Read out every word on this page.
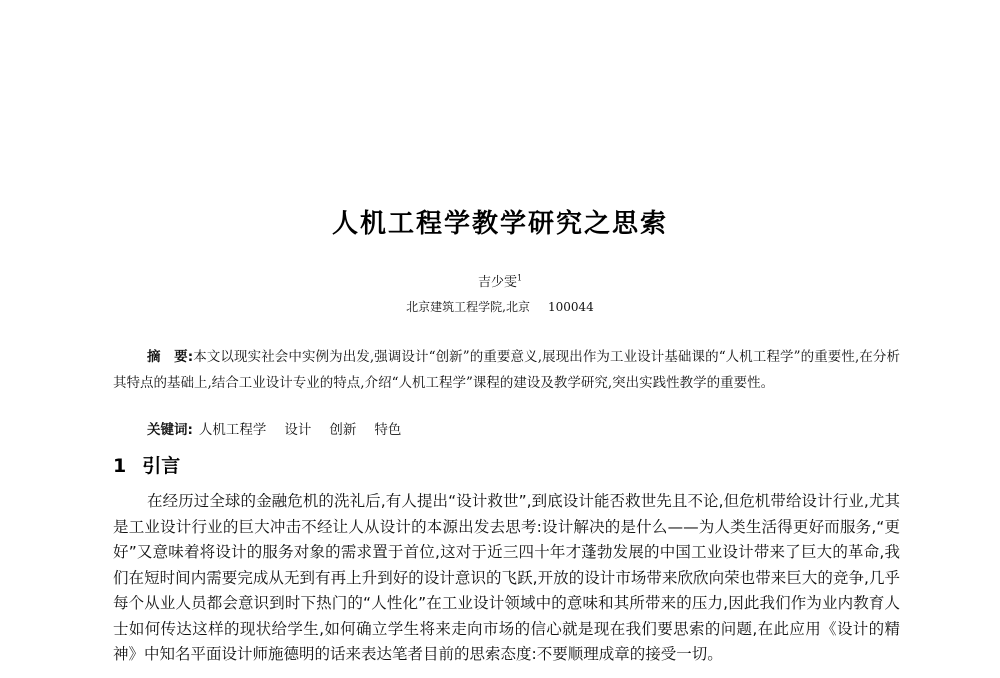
人机工程学教学研究之思索
吉少雯$^1$
北京建筑工程学院,北京 100044
摘　要:本文以现实社会中实例为出发,强调设计“创新”的重要意义,展现出作为工业设计基础课的“人机工程学”的重要性,在分析其特点的基础上,结合工业设计专业的特点,介绍“人机工程学”课程的建设及教学研究,突出实践性教学的重要性。
关键词: 人机工程学 设计 创新 特色
1 引言
在经历过全球的金融危机的洗礼后,有人提出“设计救世”,到底设计能否救世先且不论,但危机带给设计行业,尤其是工业设计行业的巨大冲击不经让人从设计的本源出发去思考:设计解决的是什么——为人类生活得更好而服务,“更好”又意味着将设计的服务对象的需求置于首位,这对于近三四十年才蓬勃发展的中国工业设计带来了巨大的革命,我们在短时间内需要完成从无到有再上升到好的设计意识的飞跃,开放的设计市场带来欣欣向荣也带来巨大的竞争,几乎每个从业人员都会意识到时下热门的“人性化”在工业设计领域中的意味和其所带来的压力,因此我们作为业内教育人士如何传达这样的现状给学生,如何确立学生将来走向市场的信心就是现在我们要思索的问题,在此应用《设计的精神》中知名平面设计师施德明的话来表达笔者目前的思索态度:不要顺理成章的接受一切。
